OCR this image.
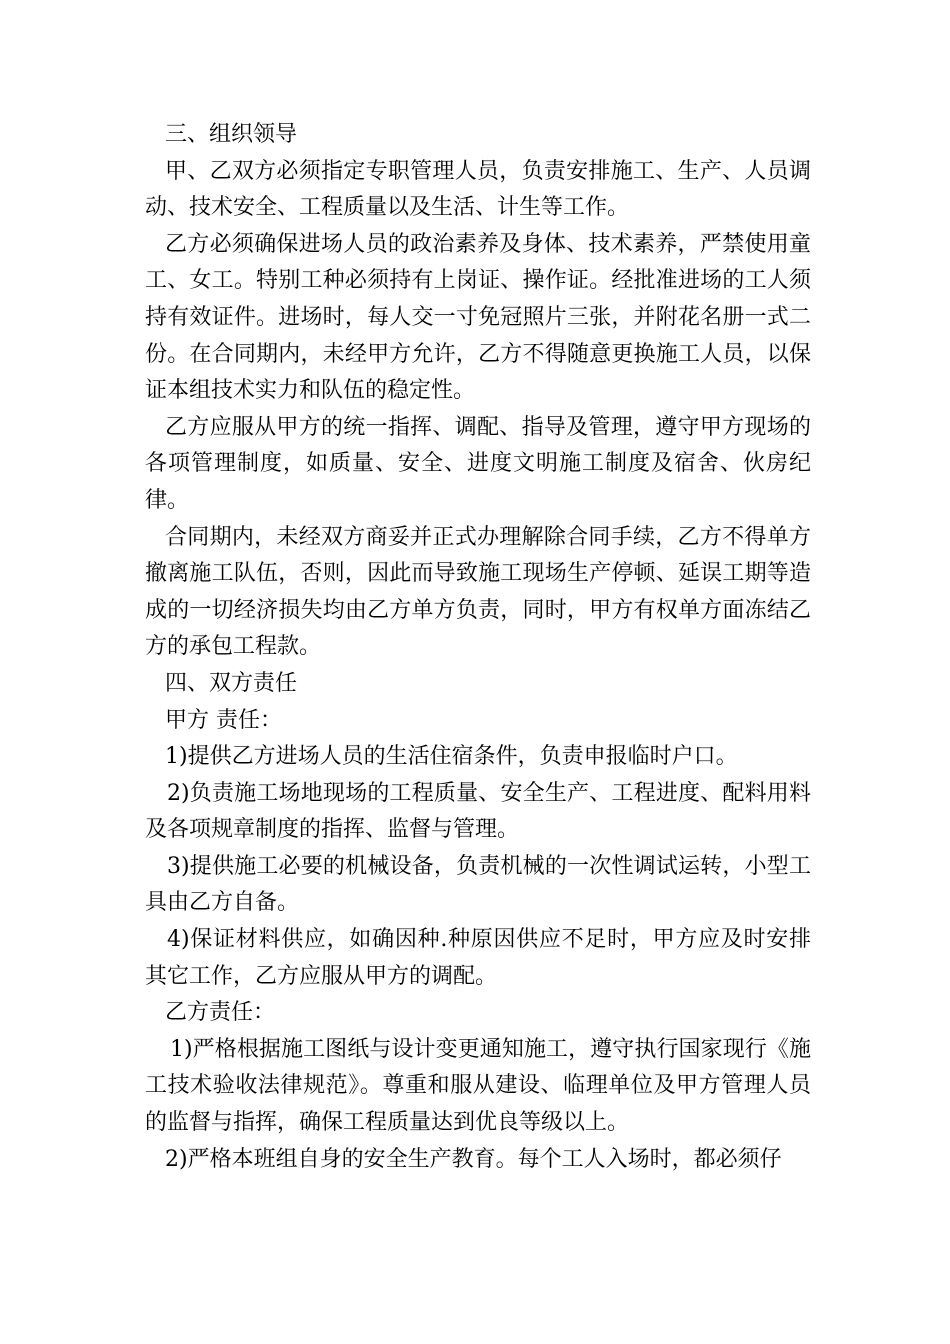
三、组织领导

甲、乙双方必须指定专职管理人员，负责安排施工、生产、人员调动、技术安全、工程质量以及生活、计生等工作。

乙方必须确保进场人员的政治素养及身体、技术素养，严禁使用童工、女工。特别工种必须持有上岗证、操作证。经批准进场的工人须持有效证件。进场时，每人交一寸免冠照片三张，并附花名册一式二份。在合同期内，未经甲方允许，乙方不得随意更换施工人员，以保证本组技术实力和队伍的稳定性。

乙方应服从甲方的统一指挥、调配、指导及管理，遵守甲方现场的各项管理制度，如质量、安全、进度文明施工制度及宿舍、伙房纪律。

合同期内，未经双方商妥并正式办理解除合同手续，乙方不得单方撤离施工队伍，否则，因此而导致施工现场生产停顿、延误工期等造成的一切经济损失均由乙方单方负责，同时，甲方有权单方面冻结乙方的承包工程款。

四、双方责任

甲方 责任：

1)提供乙方进场人员的生活住宿条件，负责申报临时户口。

2)负责施工场地现场的工程质量、安全生产、工程进度、配料用料及各项规章制度的指挥、监督与管理。

3)提供施工必要的机械设备，负责机械的一次性调试运转，小型工具由乙方自备。

4)保证材料供应，如确因种.种原因供应不足时，甲方应及时安排其它工作，乙方应服从甲方的调配。

乙方责任：

1)严格根据施工图纸与设计变更通知施工，遵守执行国家现行《施工技术验收法律规范》。尊重和服从建设、临理单位及甲方管理人员的监督与指挥，确保工程质量达到优良等级以上。

2)严格本班组自身的安全生产教育。每个工人入场时，都必须仔
